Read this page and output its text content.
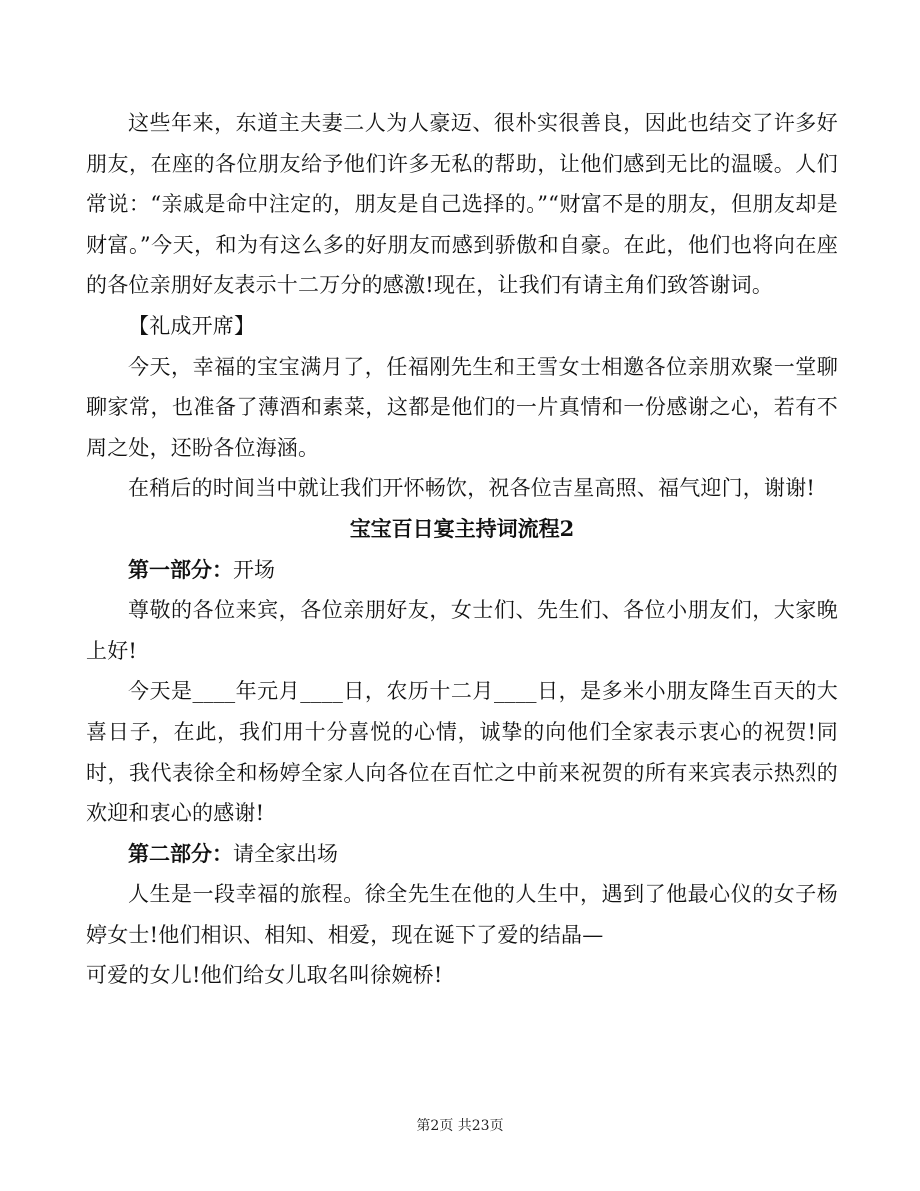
这些年来，东道主夫妻二人为人豪迈、很朴实很善良，因此也结交了许多好朋友，在座的各位朋友给予他们许多无私的帮助，让他们感到无比的温暖。人们常说：“亲戚是命中注定的，朋友是自己选择的。”“财富不是的朋友，但朋友却是财富。”今天，和为有这么多的好朋友而感到骄傲和自豪。在此，他们也将向在座的各位亲朋好友表示十二万分的感激!现在，让我们有请主角们致答谢词。

【礼成开席】

今天，幸福的宝宝满月了，任福刚先生和王雪女士相邀各位亲朋欢聚一堂聊聊家常，也准备了薄酒和素菜，这都是他们的一片真情和一份感谢之心，若有不周之处，还盼各位海涵。

在稍后的时间当中就让我们开怀畅饮，祝各位吉星高照、福气迎门，谢谢!

宝宝百日宴主持词流程2

第一部分：开场

尊敬的各位来宾，各位亲朋好友，女士们、先生们、各位小朋友们，大家晚上好!

今天是____年元月____日，农历十二月____日，是多米小朋友降生百天的大喜日子，在此，我们用十分喜悦的心情，诚挚的向他们全家表示衷心的祝贺!同时，我代表徐全和杨婷全家人向各位在百忙之中前来祝贺的所有来宾表示热烈的欢迎和衷心的感谢!

第二部分：请全家出场

人生是一段幸福的旅程。徐全先生在他的人生中，遇到了他最心仪的女子杨婷女士!他们相识、相知、相爱，现在诞下了爱的结晶—

可爱的女儿!他们给女儿取名叫徐婉桥!

第2页 共23页
